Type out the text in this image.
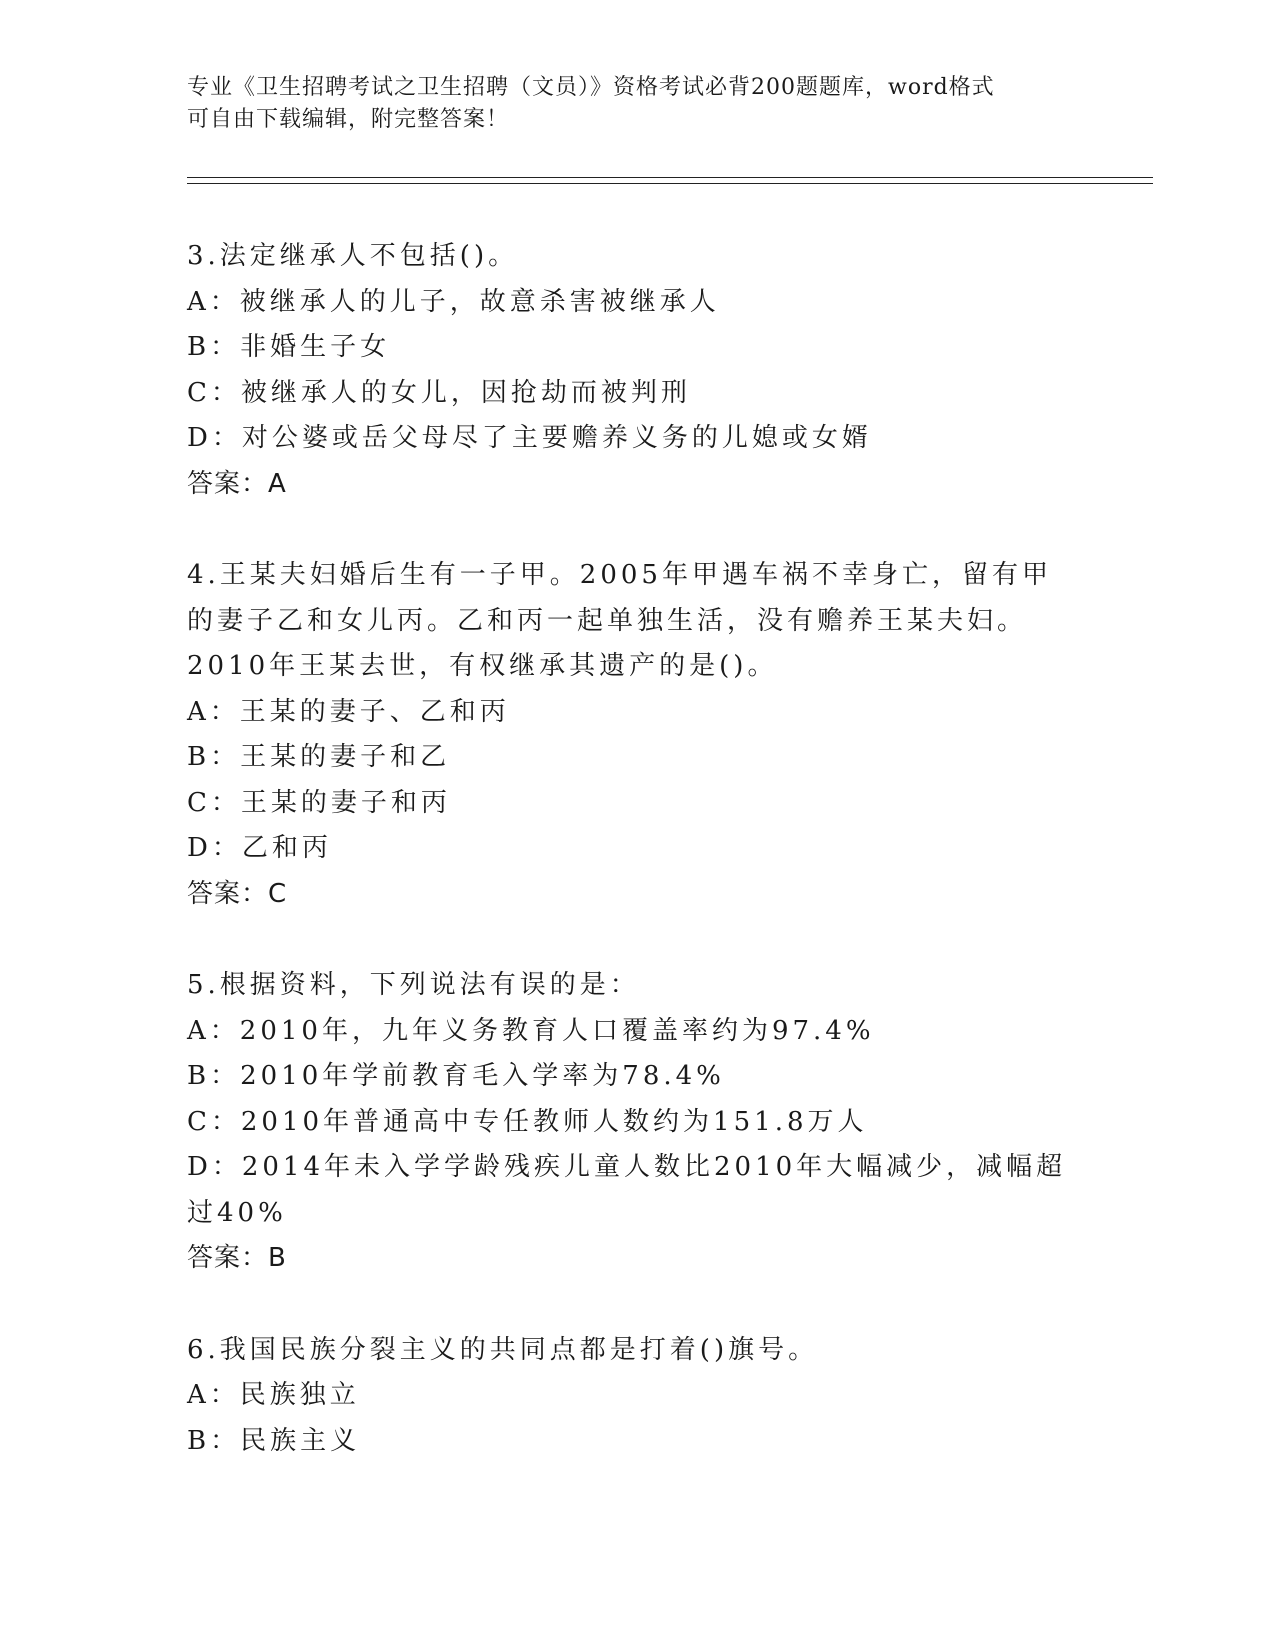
专业《卫生招聘考试之卫生招聘（文员）》资格考试必背200题题库，word格式
可自由下载编辑，附完整答案！
3.法定继承人不包括()。
A：被继承人的儿子，故意杀害被继承人
B：非婚生子女
C：被继承人的女儿，因抢劫而被判刑
D：对公婆或岳父母尽了主要赡养义务的儿媳或女婿
答案：A
4.王某夫妇婚后生有一子甲。2005年甲遇车祸不幸身亡，留有甲的妻子乙和女儿丙。乙和丙一起单独生活，没有赡养王某夫妇。2010年王某去世，有权继承其遗产的是()。
A：王某的妻子、乙和丙
B：王某的妻子和乙
C：王某的妻子和丙
D：乙和丙
答案：C
5.根据资料，下列说法有误的是：
A：2010年，九年义务教育人口覆盖率约为97.4%
B：2010年学前教育毛入学率为78.4%
C：2010年普通高中专任教师人数约为151.8万人
D：2014年未入学学龄残疾儿童人数比2010年大幅减少，减幅超过40%
答案：B
6.我国民族分裂主义的共同点都是打着()旗号。
A：民族独立
B：民族主义
